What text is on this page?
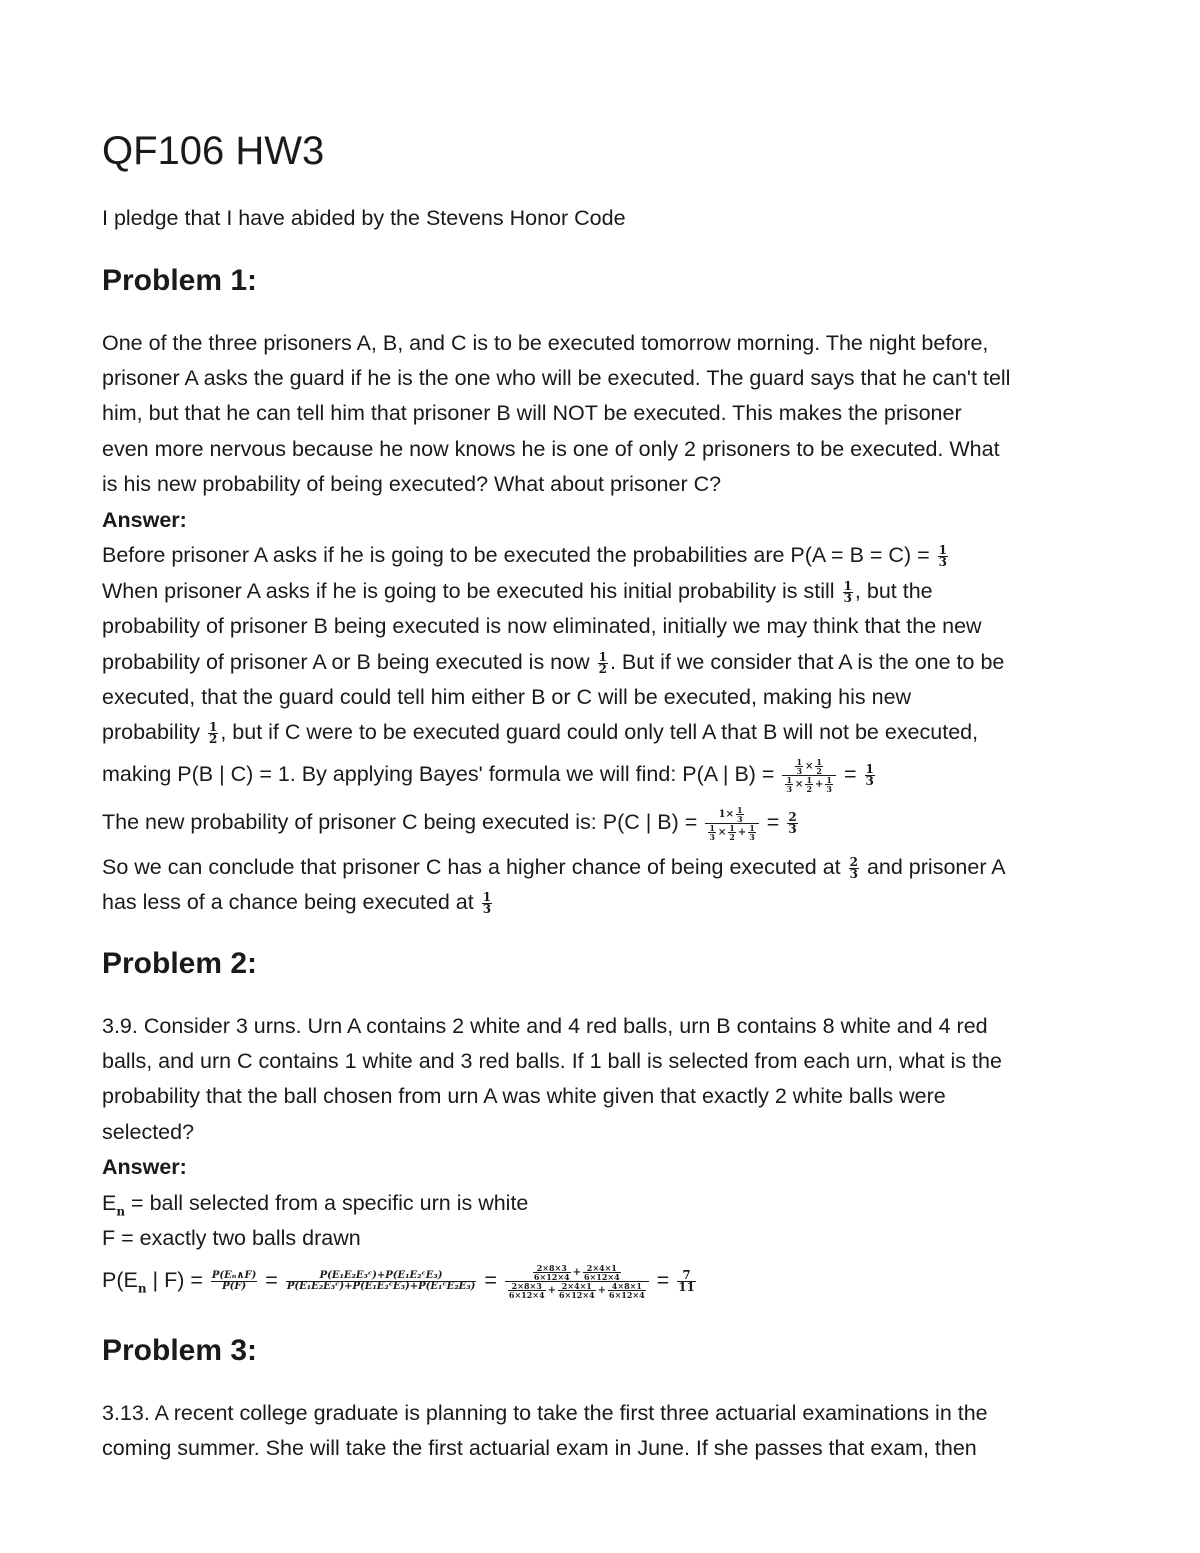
QF106 HW3

I pledge that I have abided by the Stevens Honor Code

Problem 1:

One of the three prisoners A, B, and C is to be executed tomorrow morning. The night before,

prisoner A asks the guard if he is the one who will be executed. The guard says that he can't tell

him, but that he can tell him that prisoner B will NOT be executed. This makes the prisoner

even more nervous because he now knows he is one of only 2 prisoners to be executed. What

is his new probability of being executed? What about prisoner C?

Answer:

Before prisoner A asks if he is going to be executed the probabilities are $P(A = B = C) = \frac{1}{3}$

When prisoner A asks if he is going to be executed his initial probability is still $\frac{1}{3}$ , but the

probability of prisoner B being executed is now eliminated, initially we may think that the new

probability of prisoner A or B being executed is now $\frac{1}{2}$ . But if we consider that A is the one to be

executed, that the guard could tell him either B or C will be executed, making his new

probability $\frac{1}{2}$ , but if C were to be executed guard could only tell A that B will not be executed,

making P(B | C) = 1. By applying Bayes' formula we will find: P(A | $B) = \frac{\frac{1}{3} \times \frac{1}{2}}{\frac{1}{3} \times \frac{1}{2} + \frac{1}{3}} = \frac{1}{3}$

The new probability of prisoner C being executed is: P(C | $B) = \frac{1\times \frac{1}{3}}{\frac{1}{3} \times \frac{1}{2} + \frac{1}{3}} = \frac{2}{3}$

So we can conclude that prisoner C has a higher chance of being executed at $\frac{2}{3}$ and prisoner A

has less of a chance being executed at $\frac{1}{3}$

Problem 2:

3.9. Consider 3 urns. Urn A contains 2 white and 4 red balls, urn B contains 8 white and 4 red

balls, and urn C contains 1 white and 3 red balls. If 1 ball is selected from each urn, what is the

probability that the ball chosen from urn A was white given that exactly 2 white balls were

selected?

Answer:

$E_n$ = ball selected from a specific urn is white

F = exactly two balls drawn

$P(E_n$ | $F) = \frac{\text{P(Eₙ∧F)}}{P(F)} = \frac{\text{P(E₁E₂E₃ᶜ)+P(E₁E₂ᶜE₃)}}{\text{P(E₁E₂E₃ᶜ)+P(E₁E₂ᶜE₃)+P(E₁ᶜE₂E₃)}} = \frac{\frac{2\times 8\times 3}{6\times 12\times 4} + \frac{2\times 4\times 1}{6\times 12\times 4}}{\frac{2\times 8\times 3}{6\times 12\times 4} + \frac{2\times 4\times 1}{6\times 12\times 4} + \frac{4\times 8\times 1}{6\times 12\times 4}} = \frac{7}{11}$

Problem 3:

3.13. A recent college graduate is planning to take the first three actuarial examinations in the

coming summer. She will take the first actuarial exam in June. If she passes that exam, then
